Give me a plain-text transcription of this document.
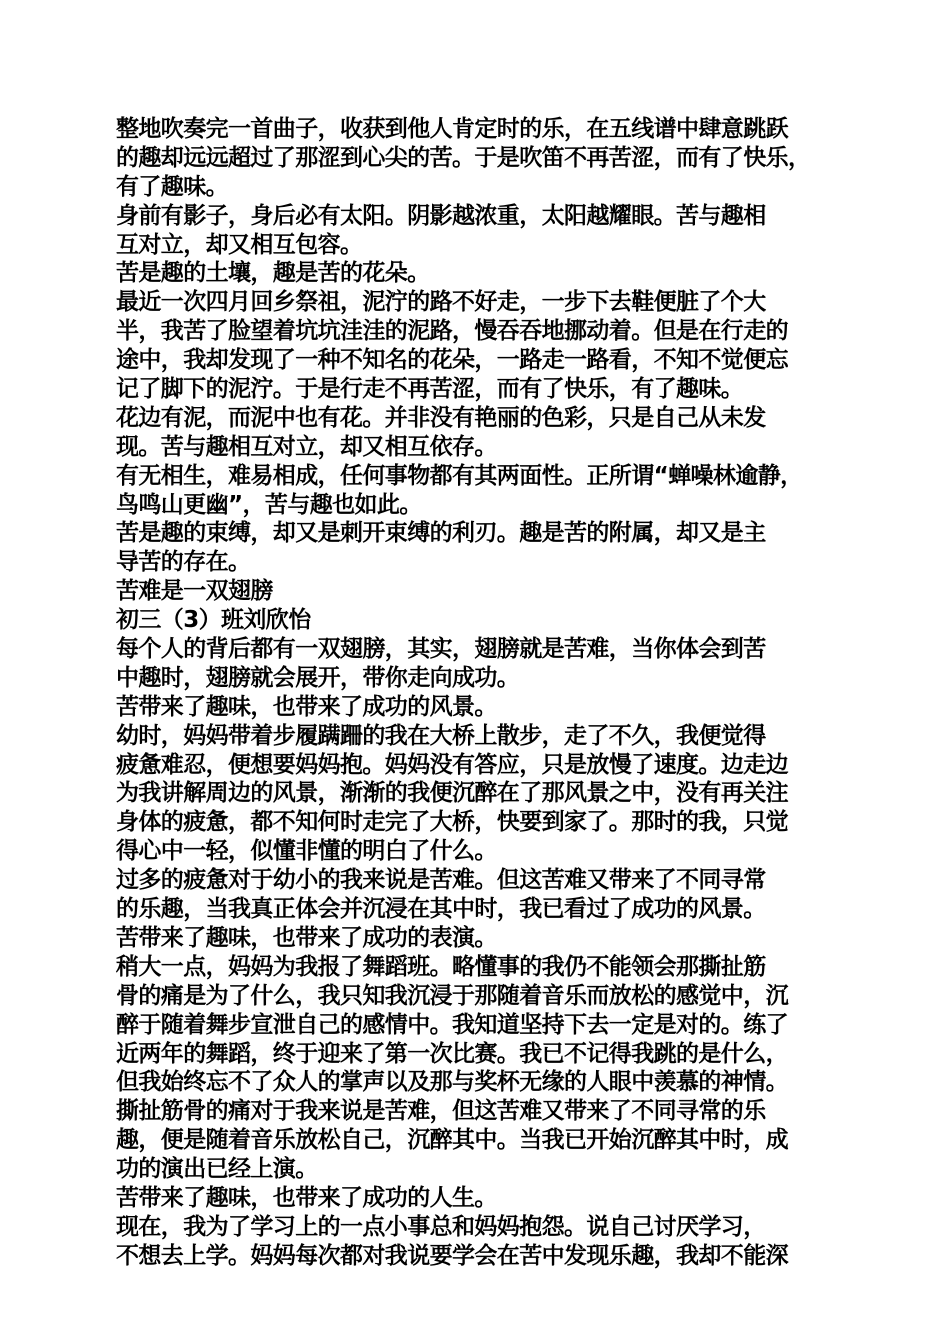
整地吹奏完一首曲子，收获到他人肯定时的乐，在五线谱中肆意跳跃
的趣却远远超过了那涩到心尖的苦。于是吹笛不再苦涩，而有了快乐，
有了趣味。
身前有影子，身后必有太阳。阴影越浓重，太阳越耀眼。苦与趣相
互对立，却又相互包容。
苦是趣的土壤，趣是苦的花朵。
最近一次四月回乡祭祖，泥泞的路不好走，一步下去鞋便脏了个大
半，我苦了脸望着坑坑洼洼的泥路，慢吞吞地挪动着。但是在行走的
途中，我却发现了一种不知名的花朵，一路走一路看，不知不觉便忘
记了脚下的泥泞。于是行走不再苦涩，而有了快乐，有了趣味。
花边有泥，而泥中也有花。并非没有艳丽的色彩，只是自己从未发
现。苦与趣相互对立，却又相互依存。
有无相生，难易相成，任何事物都有其两面性。正所谓“蝉噪林逾静，
鸟鸣山更幽”，苦与趣也如此。
苦是趣的束缚，却又是刺开束缚的利刃。趣是苦的附属，却又是主
导苦的存在。
苦难是一双翅膀
初三（3）班刘欣怡
每个人的背后都有一双翅膀，其实，翅膀就是苦难，当你体会到苦
中趣时，翅膀就会展开，带你走向成功。
苦带来了趣味，也带来了成功的风景。
幼时，妈妈带着步履蹒跚的我在大桥上散步，走了不久，我便觉得
疲惫难忍，便想要妈妈抱。妈妈没有答应，只是放慢了速度。边走边
为我讲解周边的风景，渐渐的我便沉醉在了那风景之中，没有再关注
身体的疲惫，都不知何时走完了大桥，快要到家了。那时的我，只觉
得心中一轻，似懂非懂的明白了什么。
过多的疲惫对于幼小的我来说是苦难。但这苦难又带来了不同寻常
的乐趣，当我真正体会并沉浸在其中时，我已看过了成功的风景。
苦带来了趣味，也带来了成功的表演。
稍大一点，妈妈为我报了舞蹈班。略懂事的我仍不能领会那撕扯筋
骨的痛是为了什么，我只知我沉浸于那随着音乐而放松的感觉中，沉
醉于随着舞步宣泄自己的感情中。我知道坚持下去一定是对的。练了
近两年的舞蹈，终于迎来了第一次比赛。我已不记得我跳的是什么，
但我始终忘不了众人的掌声以及那与奖杯无缘的人眼中羡慕的神情。
撕扯筋骨的痛对于我来说是苦难，但这苦难又带来了不同寻常的乐
趣，便是随着音乐放松自己，沉醉其中。当我已开始沉醉其中时，成
功的演出已经上演。
苦带来了趣味，也带来了成功的人生。
现在，我为了学习上的一点小事总和妈妈抱怨。说自己讨厌学习，
不想去上学。妈妈每次都对我说要学会在苦中发现乐趣，我却不能深
